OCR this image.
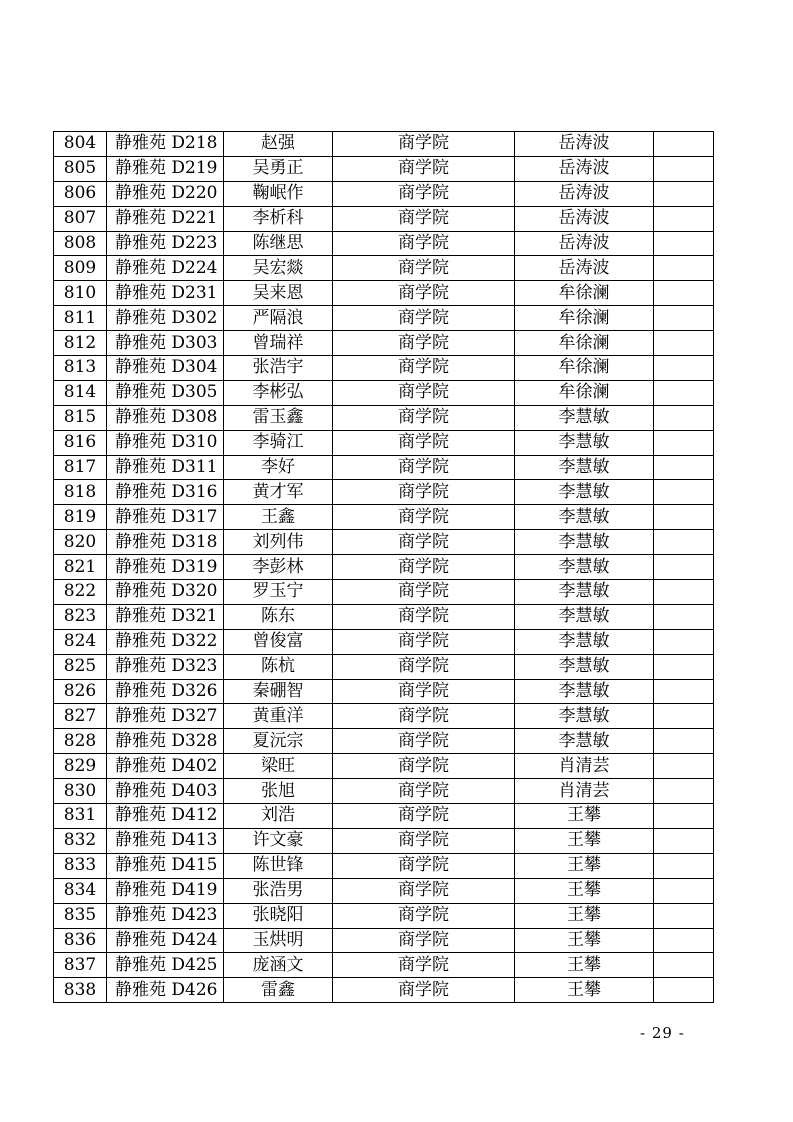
804	静雅苑 D218	赵强	商学院	岳涛波	
805	静雅苑 D219	吴勇正	商学院	岳涛波	
806	静雅苑 D220	鞠岷作	商学院	岳涛波	
807	静雅苑 D221	李析科	商学院	岳涛波	
808	静雅苑 D223	陈继思	商学院	岳涛波	
809	静雅苑 D224	吴宏燚	商学院	岳涛波	
810	静雅苑 D231	吴来恩	商学院	牟徐澜	
811	静雅苑 D302	严隔浪	商学院	牟徐澜	
812	静雅苑 D303	曾瑞祥	商学院	牟徐澜	
813	静雅苑 D304	张浩宇	商学院	牟徐澜	
814	静雅苑 D305	李彬弘	商学院	牟徐澜	
815	静雅苑 D308	雷玉鑫	商学院	李慧敏	
816	静雅苑 D310	李骑江	商学院	李慧敏	
817	静雅苑 D311	李好	商学院	李慧敏	
818	静雅苑 D316	黄才军	商学院	李慧敏	
819	静雅苑 D317	王鑫	商学院	李慧敏	
820	静雅苑 D318	刘列伟	商学院	李慧敏	
821	静雅苑 D319	李彭林	商学院	李慧敏	
822	静雅苑 D320	罗玉宁	商学院	李慧敏	
823	静雅苑 D321	陈东	商学院	李慧敏	
824	静雅苑 D322	曾俊富	商学院	李慧敏	
825	静雅苑 D323	陈杭	商学院	李慧敏	
826	静雅苑 D326	秦硼智	商学院	李慧敏	
827	静雅苑 D327	黄重洋	商学院	李慧敏	
828	静雅苑 D328	夏沅宗	商学院	李慧敏	
829	静雅苑 D402	梁旺	商学院	肖清芸	
830	静雅苑 D403	张旭	商学院	肖清芸	
831	静雅苑 D412	刘浩	商学院	王攀	
832	静雅苑 D413	许文豪	商学院	王攀	
833	静雅苑 D415	陈世锋	商学院	王攀	
834	静雅苑 D419	张浩男	商学院	王攀	
835	静雅苑 D423	张晓阳	商学院	王攀	
836	静雅苑 D424	玉烘明	商学院	王攀	
837	静雅苑 D425	庞涵文	商学院	王攀	
838	静雅苑 D426	雷鑫	商学院	王攀	
- 29 -
